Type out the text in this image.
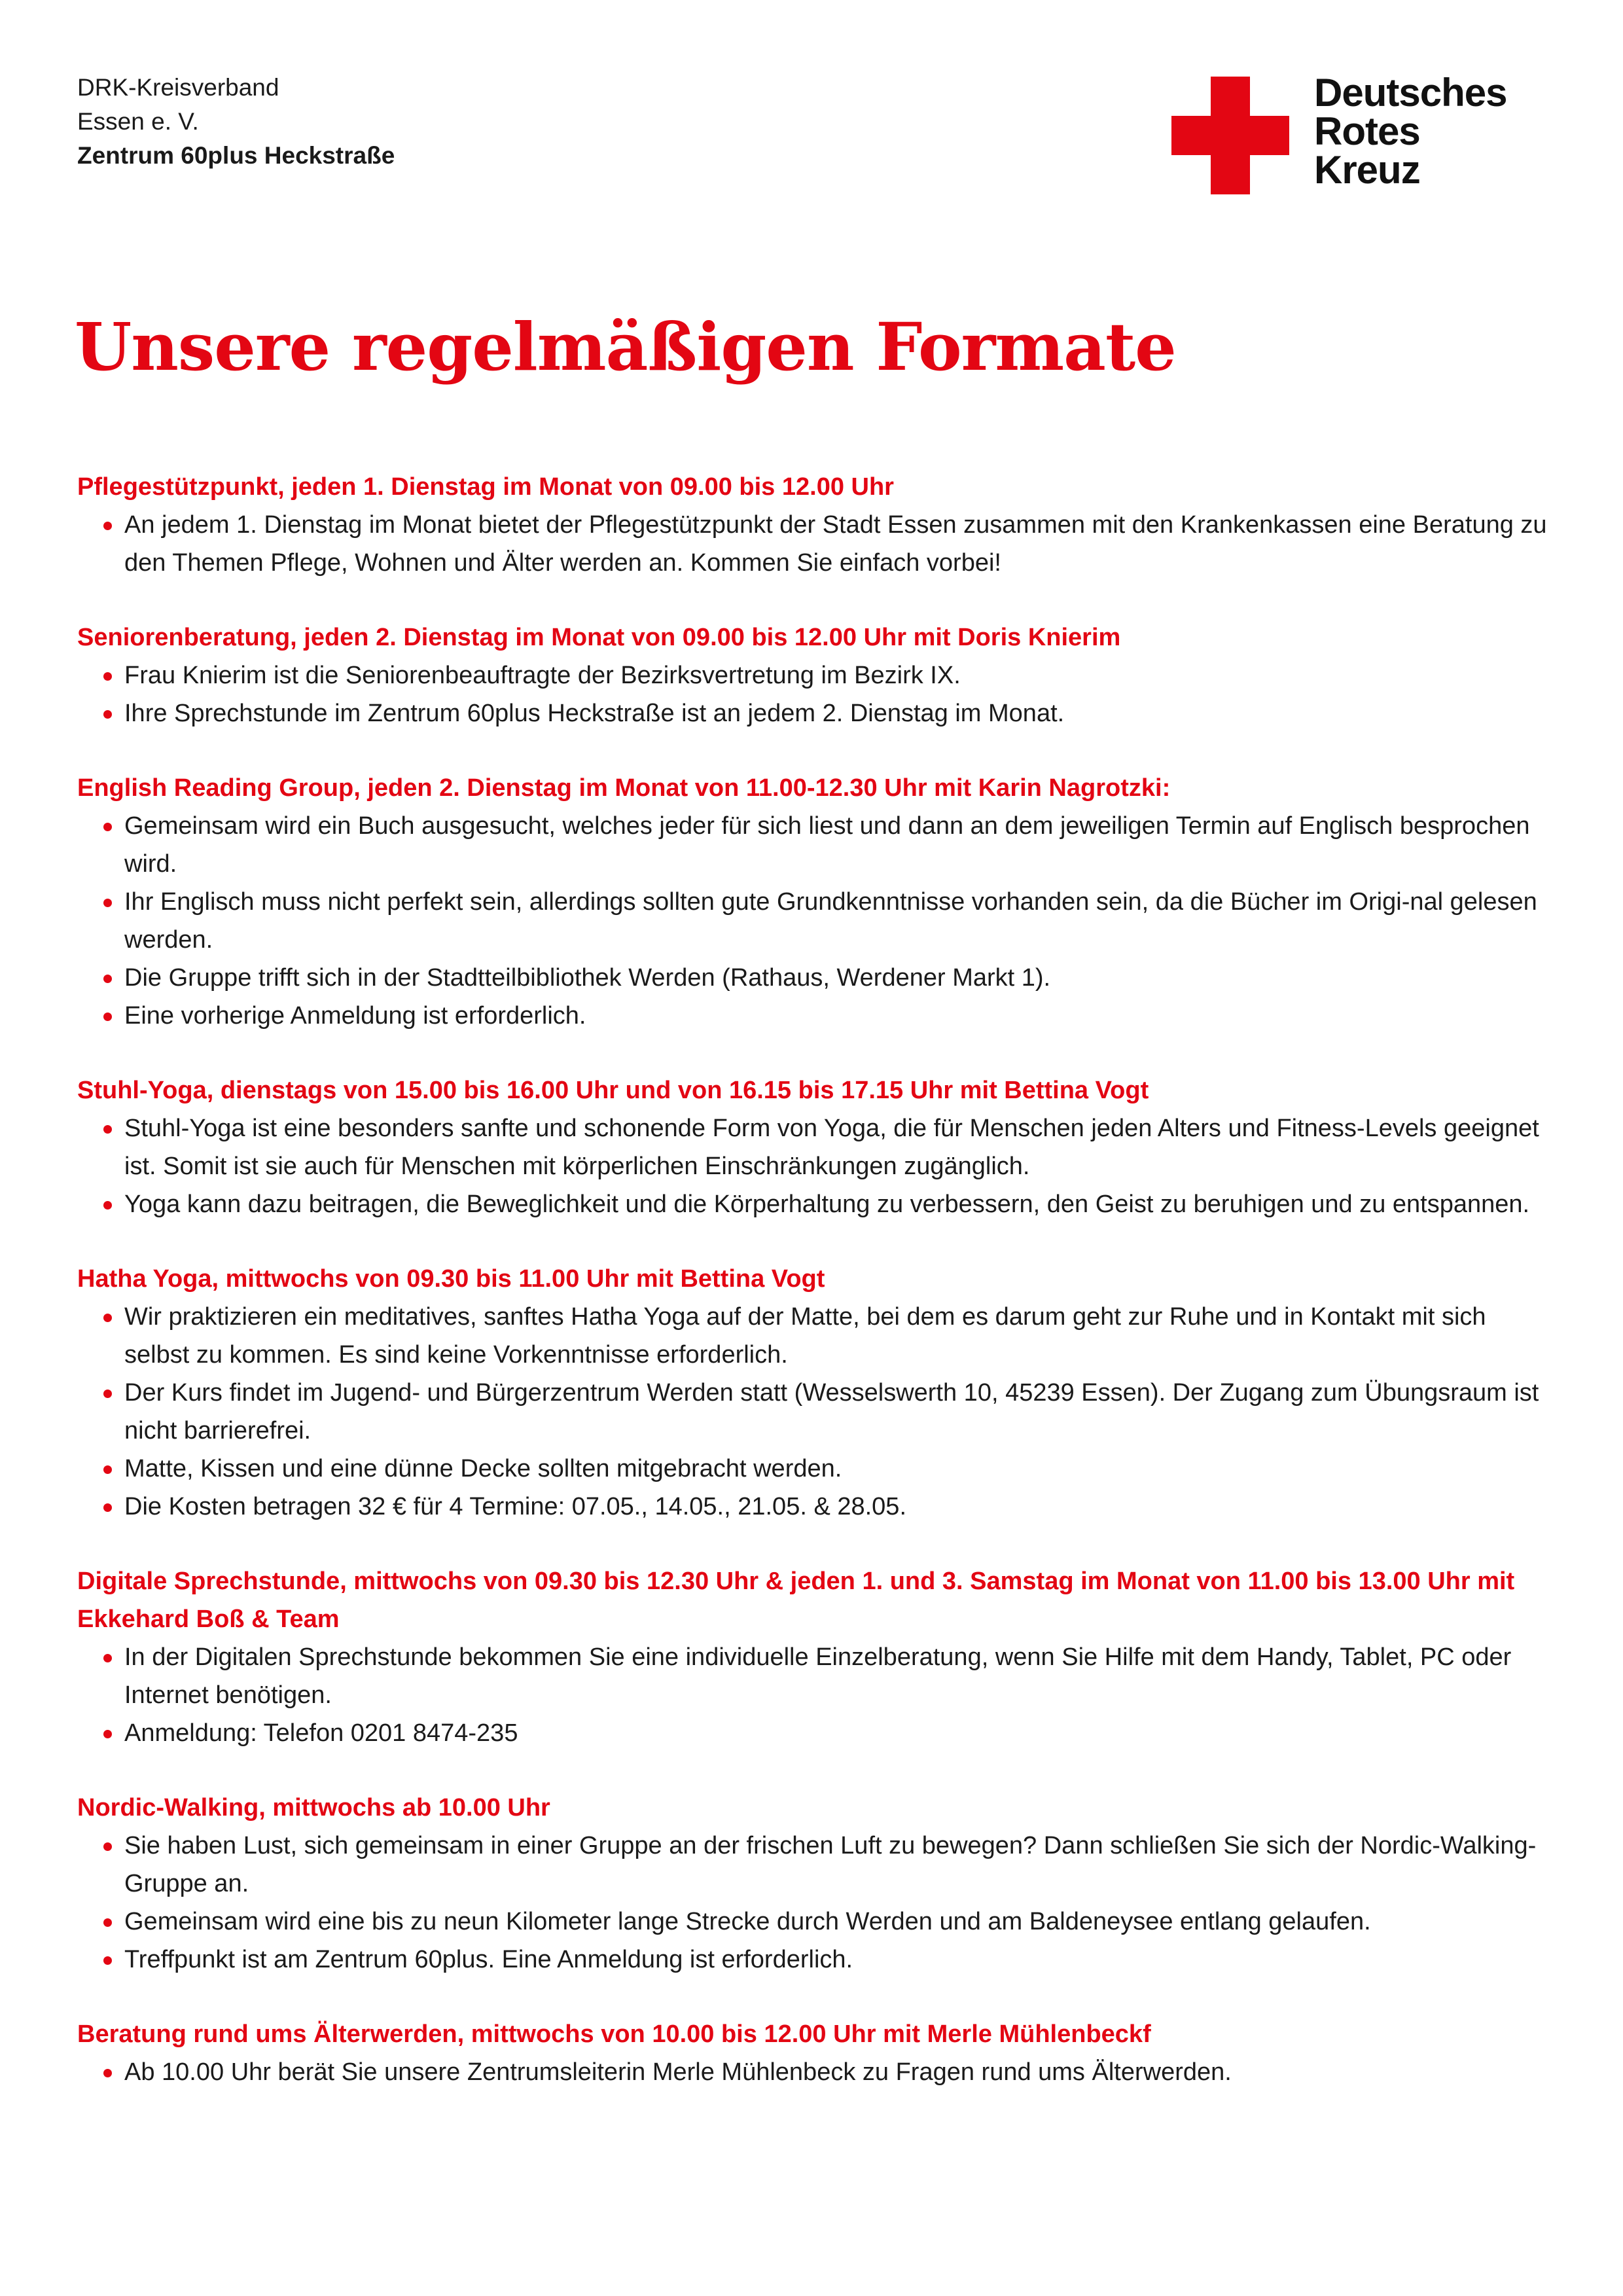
DRK-Kreisverband
Essen e. V.
Zentrum 60plus Heckstraße
Deutsches
Rotes
Kreuz
Unsere regelmäßigen Formate
Pflegestützpunkt, jeden 1. Dienstag im Monat von 09.00 bis 12.00 Uhr
An jedem 1. Dienstag im Monat bietet der Pflegestützpunkt der Stadt Essen zusammen mit den Krankenkassen eine Beratung zu den Themen Pflege, Wohnen und Älter werden an. Kommen Sie einfach vorbei!
Seniorenberatung, jeden 2. Dienstag im Monat von 09.00 bis 12.00 Uhr mit Doris Knierim
Frau Knierim ist die Seniorenbeauftragte der Bezirksvertretung im Bezirk IX.
Ihre Sprechstunde im Zentrum 60plus Heckstraße ist an jedem 2. Dienstag im Monat.
English Reading Group, jeden 2. Dienstag im Monat von 11.00-12.30 Uhr mit Karin Nagrotzki:
Gemeinsam wird ein Buch ausgesucht, welches jeder für sich liest und dann an dem jeweiligen Termin auf Englisch besprochen wird.
Ihr Englisch muss nicht perfekt sein, allerdings sollten gute Grundkenntnisse vorhanden sein, da die Bücher im Origi-nal gelesen werden.
Die Gruppe trifft sich in der Stadtteilbibliothek Werden (Rathaus, Werdener Markt 1).
Eine vorherige Anmeldung ist erforderlich.
Stuhl-Yoga, dienstags von 15.00 bis 16.00 Uhr und von 16.15 bis 17.15 Uhr mit Bettina Vogt
Stuhl-Yoga ist eine besonders sanfte und schonende Form von Yoga, die für Menschen jeden Alters und Fitness-Levels geeignet ist. Somit ist sie auch für Menschen mit körperlichen Einschränkungen zugänglich.
Yoga kann dazu beitragen, die Beweglichkeit und die Körperhaltung zu verbessern, den Geist zu beruhigen und zu entspannen.
Hatha Yoga, mittwochs von 09.30 bis 11.00 Uhr mit Bettina Vogt
Wir praktizieren ein meditatives, sanftes Hatha Yoga auf der Matte, bei dem es darum geht zur Ruhe und in Kontakt mit sich selbst zu kommen. Es sind keine Vorkenntnisse erforderlich.
Der Kurs findet im Jugend- und Bürgerzentrum Werden statt (Wesselswerth 10, 45239 Essen). Der Zugang zum Übungsraum ist nicht barrierefrei.
Matte, Kissen und eine dünne Decke sollten mitgebracht werden.
Die Kosten betragen 32 € für 4 Termine: 07.05., 14.05., 21.05. & 28.05.
Digitale Sprechstunde, mittwochs von 09.30 bis 12.30 Uhr & jeden 1. und 3. Samstag im Monat von 11.00 bis 13.00 Uhr mit Ekkehard Boß & Team
In der Digitalen Sprechstunde bekommen Sie eine individuelle Einzelberatung, wenn Sie Hilfe mit dem Handy, Tablet, PC oder Internet benötigen.
Anmeldung: Telefon 0201 8474-235
Nordic-Walking, mittwochs ab 10.00 Uhr
Sie haben Lust, sich gemeinsam in einer Gruppe an der frischen Luft zu bewegen? Dann schließen Sie sich der Nordic-Walking-Gruppe an.
Gemeinsam wird eine bis zu neun Kilometer lange Strecke durch Werden und am Baldeneysee entlang gelaufen.
Treffpunkt ist am Zentrum 60plus. Eine Anmeldung ist erforderlich.
Beratung rund ums Älterwerden, mittwochs von 10.00 bis 12.00 Uhr mit Merle Mühlenbeckf
Ab 10.00 Uhr berät Sie unsere Zentrumsleiterin Merle Mühlenbeck zu Fragen rund ums Älterwerden.
